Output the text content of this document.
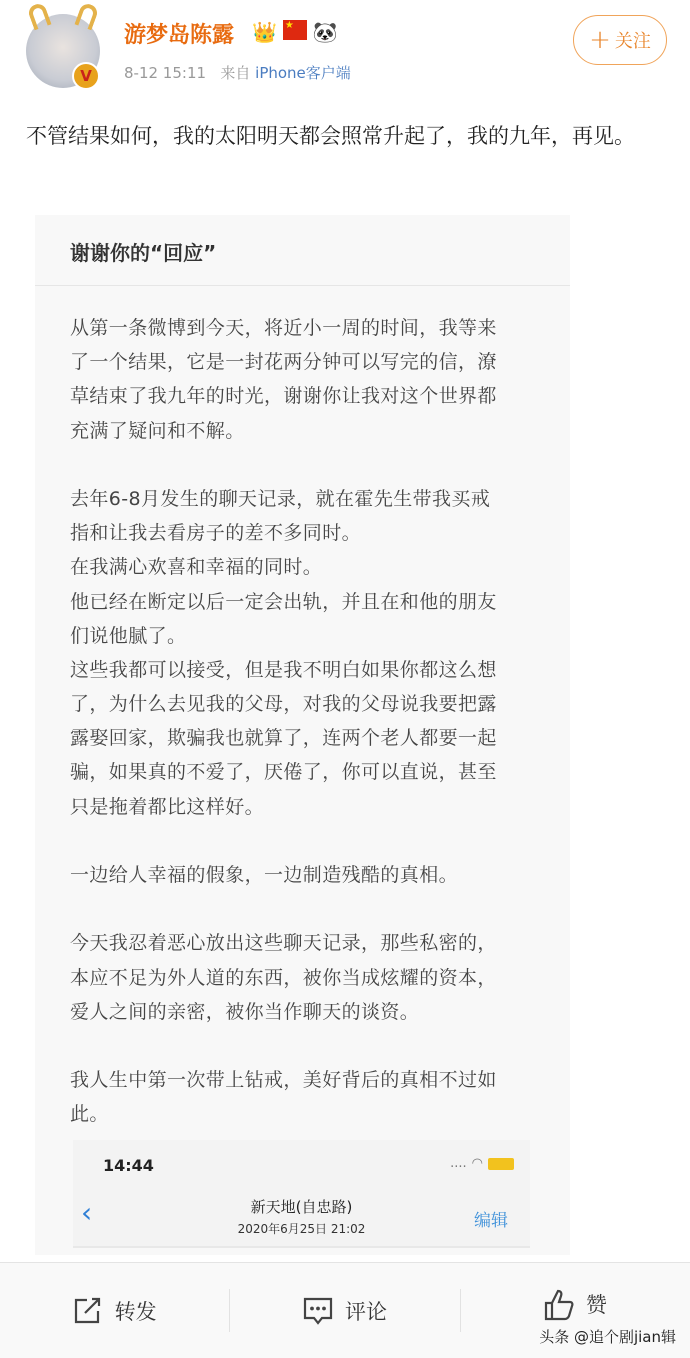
V
游梦岛陈露 👑 ★ 🐼
8-12 15:11 来自 iPhone客户端
+ 关注
不管结果如何，我的太阳明天都会照常升起了，我的九年，再见。
谢谢你的“回应”
从第一条微博到今天，将近小一周的时间，我等来
了一个结果，它是一封花两分钟可以写完的信，潦
草结束了我九年的时光，谢谢你让我对这个世界都
充满了疑问和不解。
去年6-8月发生的聊天记录，就在霍先生带我买戒
指和让我去看房子的差不多同时。
在我满心欢喜和幸福的同时。
他已经在断定以后一定会出轨，并且在和他的朋友
们说他腻了。
这些我都可以接受，但是我不明白如果你都这么想
了，为什么去见我的父母，对我的父母说我要把露
露娶回家，欺骗我也就算了，连两个老人都要一起
骗，如果真的不爱了，厌倦了，你可以直说，甚至
只是拖着都比这样好。
一边给人幸福的假象，一边制造残酷的真相。
今天我忍着恶心放出这些聊天记录，那些私密的，
本应不足为外人道的东西，被你当成炫耀的资本，
爱人之间的亲密，被你当作聊天的谈资。
我人生中第一次带上钻戒，美好背后的真相不过如
此。
14:44	.... ◠
新天地(自忠路)
2020年6月25日 21:02
‹	编辑
转发	评论	赞
头条 @追个剧jian辑
